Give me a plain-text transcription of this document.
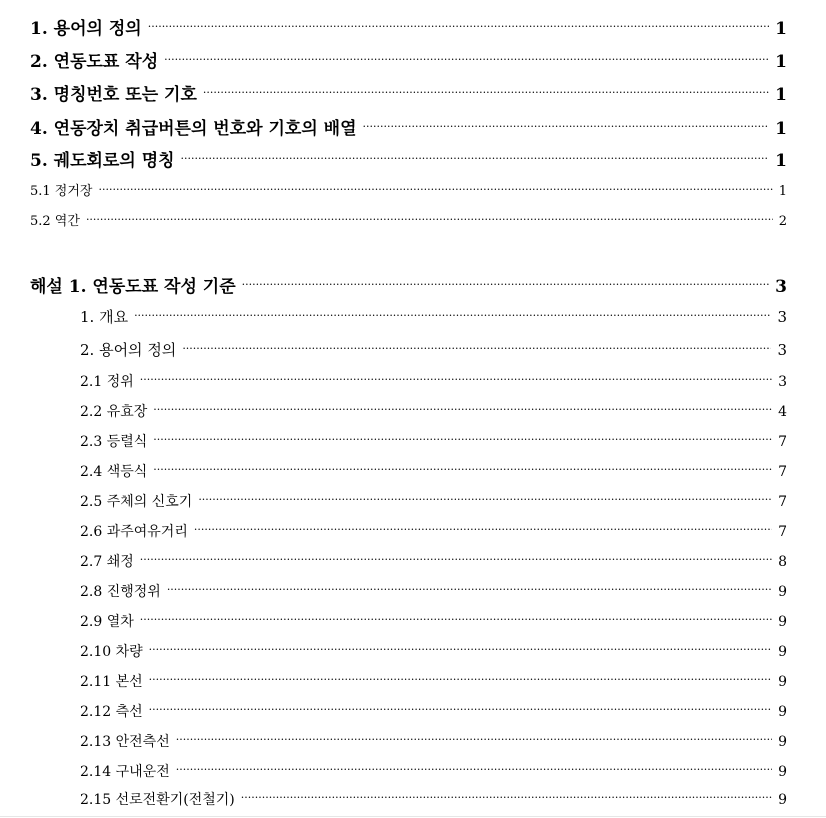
1. 용어의 정의 ·····	1
2. 연동도표 작성 ·····	1
3. 명칭번호 또는 기호 ·····	1
4. 연동장치 취급버튼의 번호와 기호의 배열 ·····	1
5. 궤도회로의 명칭 ·····	1
5.1 정거장 ·····	1
5.2 역간 ·····	2
해설 1. 연동도표 작성 기준 ·····	3
1. 개요 ·····	3
2. 용어의 정의 ·····	3
2.1 정위 ·····	3
2.2 유효장 ·····	4
2.3 등렬식 ·····	7
2.4 색등식 ·····	7
2.5 주체의 신호기 ·····	7
2.6 과주여유거리 ·····	7
2.7 쇄정 ·····	8
2.8 진행정위 ·····	9
2.9 열차 ·····	9
2.10 차량 ·····	9
2.11 본선 ·····	9
2.12 측선 ·····	9
2.13 안전측선 ·····	9
2.14 구내운전 ·····	9
2.15 선로전환기(전철기) ·····	9
